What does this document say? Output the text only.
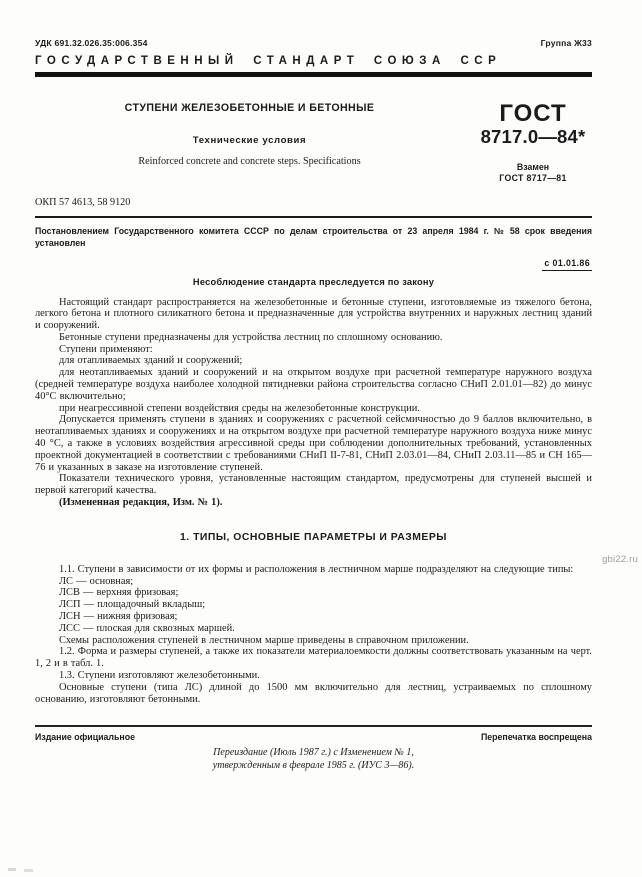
УДК 691.32.026.35:006.354	Группа Ж33
ГОСУДАРСТВЕННЫЙ СТАНДАРТ СОЮЗА ССР
СТУПЕНИ ЖЕЛЕЗОБЕТОННЫЕ И БЕТОННЫЕ
Технические условия
Reinforced concrete and concrete steps. Specifications
ГОСТ
8717.0—84*
Взамен
ГОСТ 8717—81
ОКП 57 4613, 58 9120
Постановлением Государственного комитета СССР по делам строительства от 23 апреля 1984 г. № 58 срок введения установлен
с 01.01.86
Несоблюдение стандарта преследуется по закону

Настоящий стандарт распространяется на железобетонные и бетонные ступени, изготовляемые из тяжелого бетона, легкого бетона и плотного силикатного бетона и предназначенные для устройства внутренних и наружных лестниц зданий и сооружений.

Бетонные ступени предназначены для устройства лестниц по сплошному основанию.

Ступени применяют:

для отапливаемых зданий и сооружений;

для неотапливаемых зданий и сооружений и на открытом воздухе при расчетной температуре наружного воздуха (средней температуре воздуха наиболее холодной пятидневки района строительства согласно СНиП 2.01.01—82) до минус 40°С включительно;

при неагрессивной степени воздействия среды на железобетонные конструкции.

Допускается применять ступени в зданиях и сооружениях с расчетной сейсмичностью до 9 баллов включительно, в неотапливаемых зданиях и сооружениях и на открытом воздухе при расчетной температуре наружного воздуха ниже минус 40 °С, а также в условиях воздействия агрессивной среды при соблюдении дополнительных требований, установленных проектной документацией в соответствии с требованиями СНиП II-7-81, СНиП 2.03.01—84, СНиП 2.03.11—85 и СН 165—76 и указанных в заказе на изготовление ступеней.

Показатели технического уровня, установленные настоящим стандартом, предусмотрены для ступеней высшей и первой категорий качества.

(Измененная редакция, Изм. № 1).

1. ТИПЫ, ОСНОВНЫЕ ПАРАМЕТРЫ И РАЗМЕРЫ

1.1. Ступени в зависимости от их формы и расположения в лестничном марше подразделяют на следующие типы:

ЛС — основная;

ЛСВ — верхняя фризовая;

ЛСП — площадочный вкладыш;

ЛСН — нижняя фризовая;

ЛСС — плоская для сквозных маршей.

Схемы расположения ступеней в лестничном марше приведены в справочном приложении.

1.2. Форма и размеры ступеней, а также их показатели материалоемкости должны соответствовать указанным на черт. 1, 2 и в табл. 1.

1.3. Ступени изготовляют железобетонными.

Основные ступени (типа ЛС) длиной до 1500 мм включительно для лестниц, устраиваемых по сплошному основанию, изготовляют бетонными.

Издание официальное	Перепечатка воспрещена
Переиздание (Июль 1987 г.) с Изменением № 1,
утвержденным в феврале 1985 г. (ИУС 3—86).
gbi22.ru
